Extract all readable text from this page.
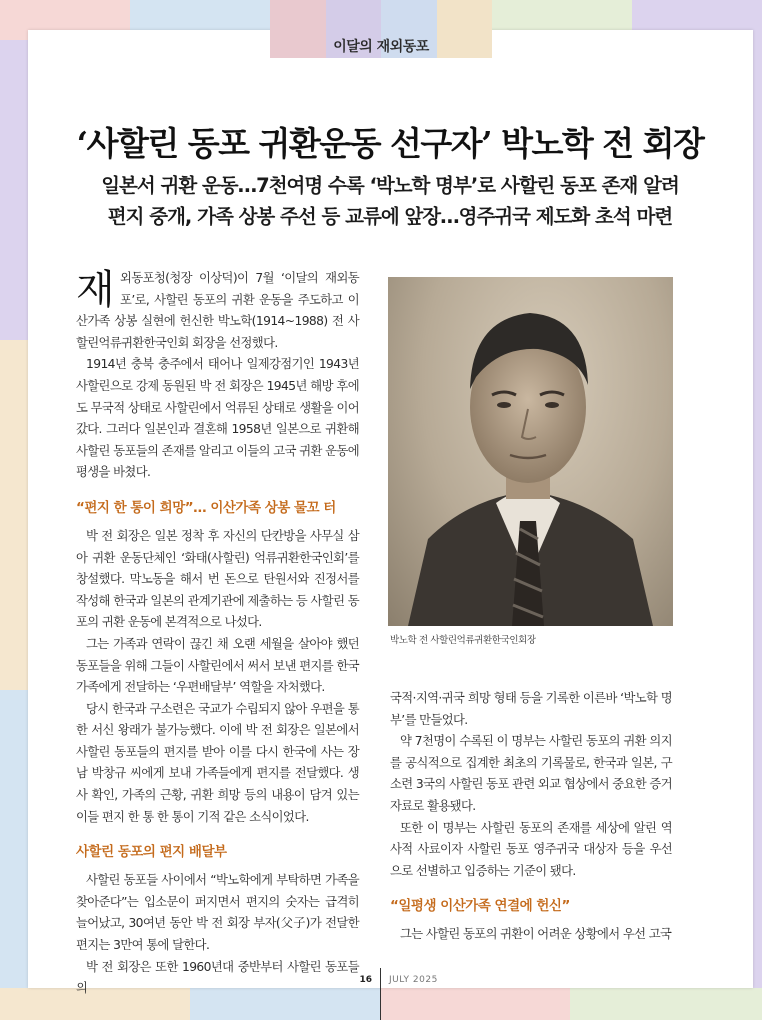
이달의 재외동포
‘사할린 동포 귀환운동 선구자’ 박노학 전 회장
일본서 귀환 운동…7천여명 수록 ‘박노학 명부’로 사할린 동포 존재 알려
편지 중개, 가족 상봉 주선 등 교류에 앞장…영주귀국 제도화 초석 마련

재외동포청(청장 이상덕)이 7월 ‘이달의 재외동포’로, 사할린 동포의 귀환 운동을 주도하고 이산가족 상봉 실현에 헌신한 박노학(1914~1988) 전 사할린억류귀환한국인회 회장을 선정했다.

1914년 충북 충주에서 태어나 일제강점기인 1943년 사할린으로 강제 동원된 박 전 회장은 1945년 해방 후에도 무국적 상태로 사할린에서 억류된 상태로 생활을 이어갔다. 그러다 일본인과 결혼해 1958년 일본으로 귀환해 사할린 동포들의 존재를 알리고 이들의 고국 귀환 운동에 평생을 바쳤다.

“편지 한 통이 희망”… 이산가족 상봉 물꼬 터

박 전 회장은 일본 정착 후 자신의 단칸방을 사무실 삼아 귀환 운동단체인 ‘화태(사할린) 억류귀환한국인회’를 창설했다. 막노동을 해서 번 돈으로 탄원서와 진정서를 작성해 한국과 일본의 관계기관에 제출하는 등 사할린 동포의 귀환 운동에 본격적으로 나섰다.

그는 가족과 연락이 끊긴 채 오랜 세월을 살아야 했던 동포들을 위해 그들이 사할린에서 써서 보낸 편지를 한국 가족에게 전달하는 ‘우편배달부’ 역할을 자처했다.

당시 한국과 구소련은 국교가 수립되지 않아 우편을 통한 서신 왕래가 불가능했다. 이에 박 전 회장은 일본에서 사할린 동포들의 편지를 받아 이를 다시 한국에 사는 장남 박창규 씨에게 보내 가족들에게 편지를 전달했다. 생사 확인, 가족의 근황, 귀환 희망 등의 내용이 담겨 있는 이들 편지 한 통 한 통이 기적 같은 소식이었다.

사할린 동포의 편지 배달부

사할린 동포들 사이에서 “박노학에게 부탁하면 가족을 찾아준다”는 입소문이 퍼지면서 편지의 숫자는 급격히 늘어났고, 30여년 동안 박 전 회장 부자(父子)가 전달한 편지는 3만여 통에 달한다.

박 전 회장은 또한 1960년대 중반부터 사할린 동포들의

박노학 전 사할린억류귀환한국인회장

국적·지역·귀국 희망 형태 등을 기록한 이른바 ‘박노학 명부’를 만들었다.

약 7천명이 수록된 이 명부는 사할린 동포의 귀환 의지를 공식적으로 집계한 최초의 기록물로, 한국과 일본, 구소련 3국의 사할린 동포 관련 외교 협상에서 중요한 증거자료로 활용됐다.

또한 이 명부는 사할린 동포의 존재를 세상에 알린 역사적 사료이자 사할린 동포 영주귀국 대상자 등을 우선으로 선별하고 입증하는 기준이 됐다.

“일평생 이산가족 연결에 헌신”

그는 사할린 동포의 귀환이 어려운 상황에서 우선 고국

16 JULY 2025
